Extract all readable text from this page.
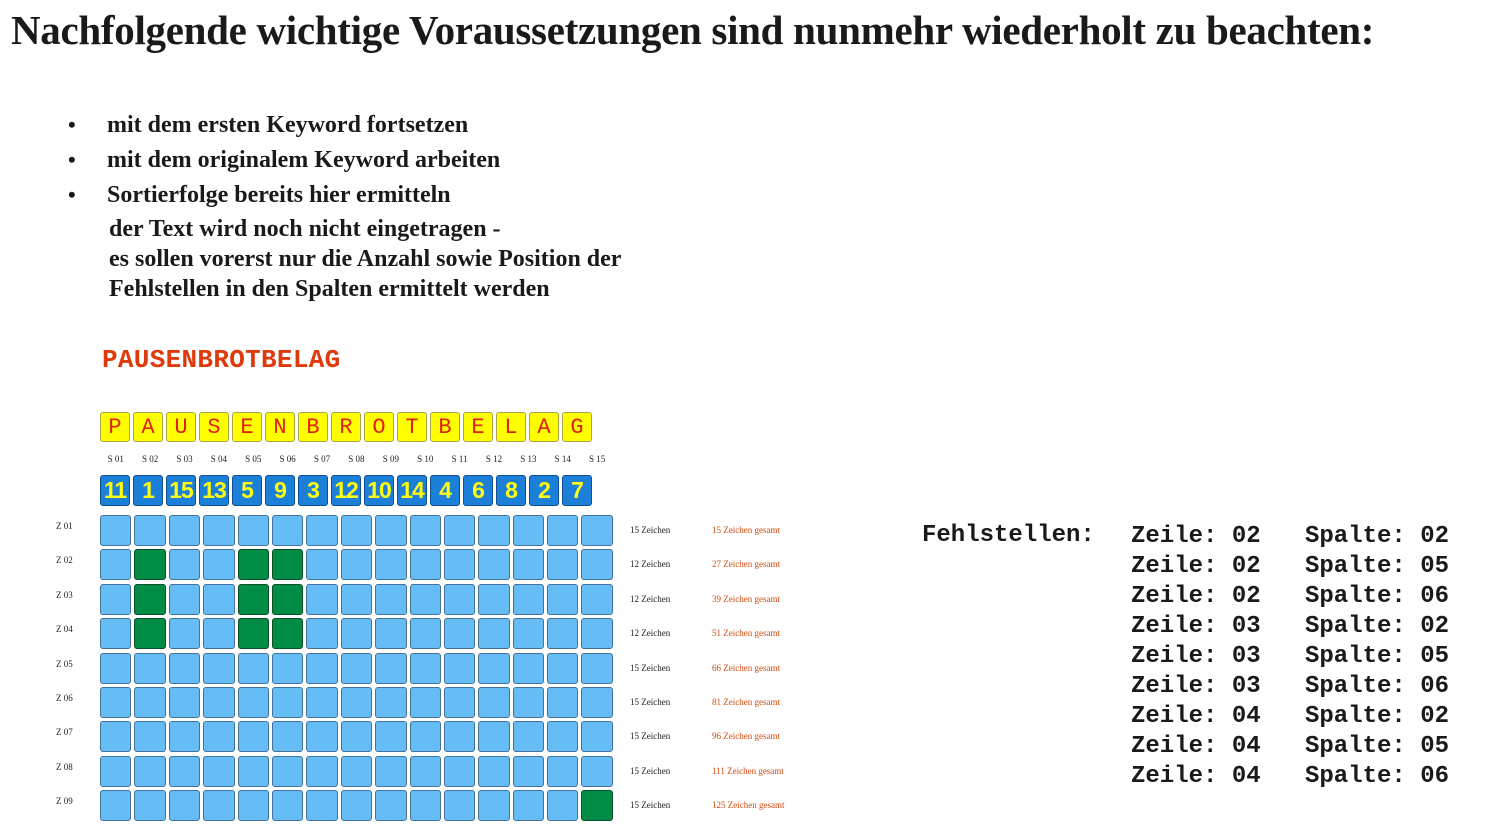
Nachfolgende wichtige Voraussetzungen sind nunmehr wiederholt zu beachten:
• mit dem ersten Keyword fortsetzen
• mit dem originalem Keyword arbeiten
• Sortierfolge bereits hier ermitteln
der Text wird noch nicht eingetragen -
es sollen vorerst nur die Anzahl sowie Position der
Fehlstellen in den Spalten ermittelt werden
PAUSENBROTBELAG
P A U S E N B R O T B E L A G
S 01	S 02	S 03	S 04	S 05	S 06	S 07	S 08	S 09	S 10	S 11	S 12	S 13	S 14	S 15
11 1 15 13 5 9 3 12 10 14 4 6 8 2 7
Z 01	15 Zeichen	15 Zeichen gesamt
Z 02	12 Zeichen	27 Zeichen gesamt
Z 03	12 Zeichen	39 Zeichen gesamt
Z 04	12 Zeichen	51 Zeichen gesamt
Z 05	15 Zeichen	66 Zeichen gesamt
Z 06	15 Zeichen	81 Zeichen gesamt
Z 07	15 Zeichen	96 Zeichen gesamt
Z 08	15 Zeichen	111 Zeichen gesamt
Z 09	15 Zeichen	125 Zeichen gesamt
Fehlstellen: Zeile: 02	Spalte: 02
Zeile: 02	Spalte: 05
Zeile: 02	Spalte: 06
Zeile: 03	Spalte: 02
Zeile: 03	Spalte: 05
Zeile: 03	Spalte: 06
Zeile: 04	Spalte: 02
Zeile: 04	Spalte: 05
Zeile: 04	Spalte: 06
